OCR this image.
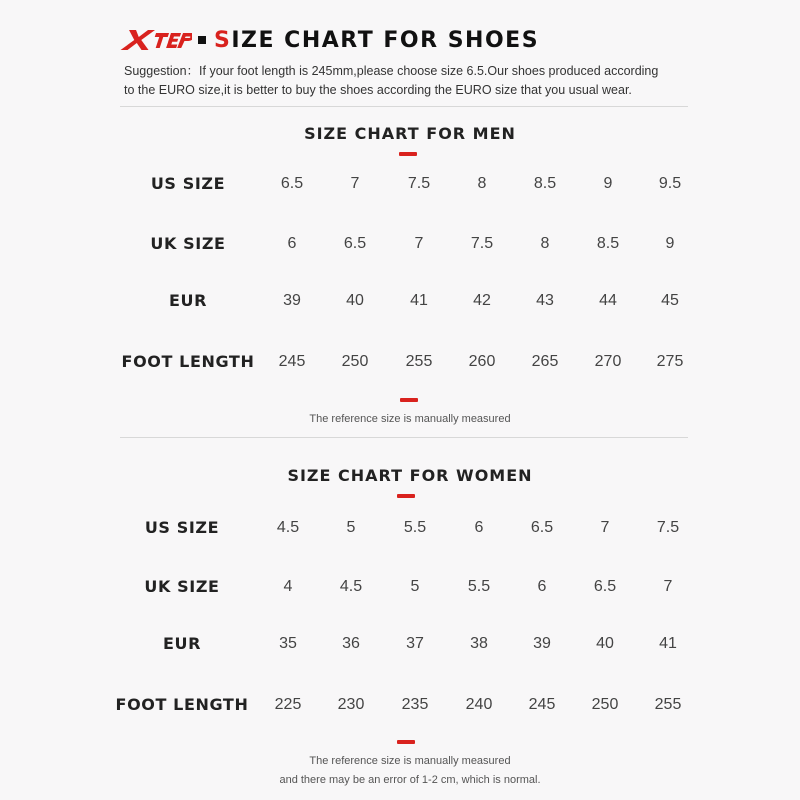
SIZE CHART FOR SHOES
Suggestion：If your foot length is 245mm,please choose size 6.5.Our shoes produced according
to the EURO size,it is better to buy the shoes according the EURO size that you usual wear.
SIZE CHART FOR MEN
US SIZE	6.5	7	7.5	8	8.5	9	9.5
UK SIZE	6	6.5	7	7.5	8	8.5	9
EUR	39	40	41	42	43	44	45
FOOT LENGTH	245	250	255	260	265	270	275
The reference size is manually measured
SIZE CHART FOR WOMEN
US SIZE	4.5	5	5.5	6	6.5	7	7.5
UK SIZE	4	4.5	5	5.5	6	6.5	7
EUR	35	36	37	38	39	40	41
FOOT LENGTH	225	230	235	240	245	250	255
The reference size is manually measured
and there may be an error of 1-2 cm, which is normal.
